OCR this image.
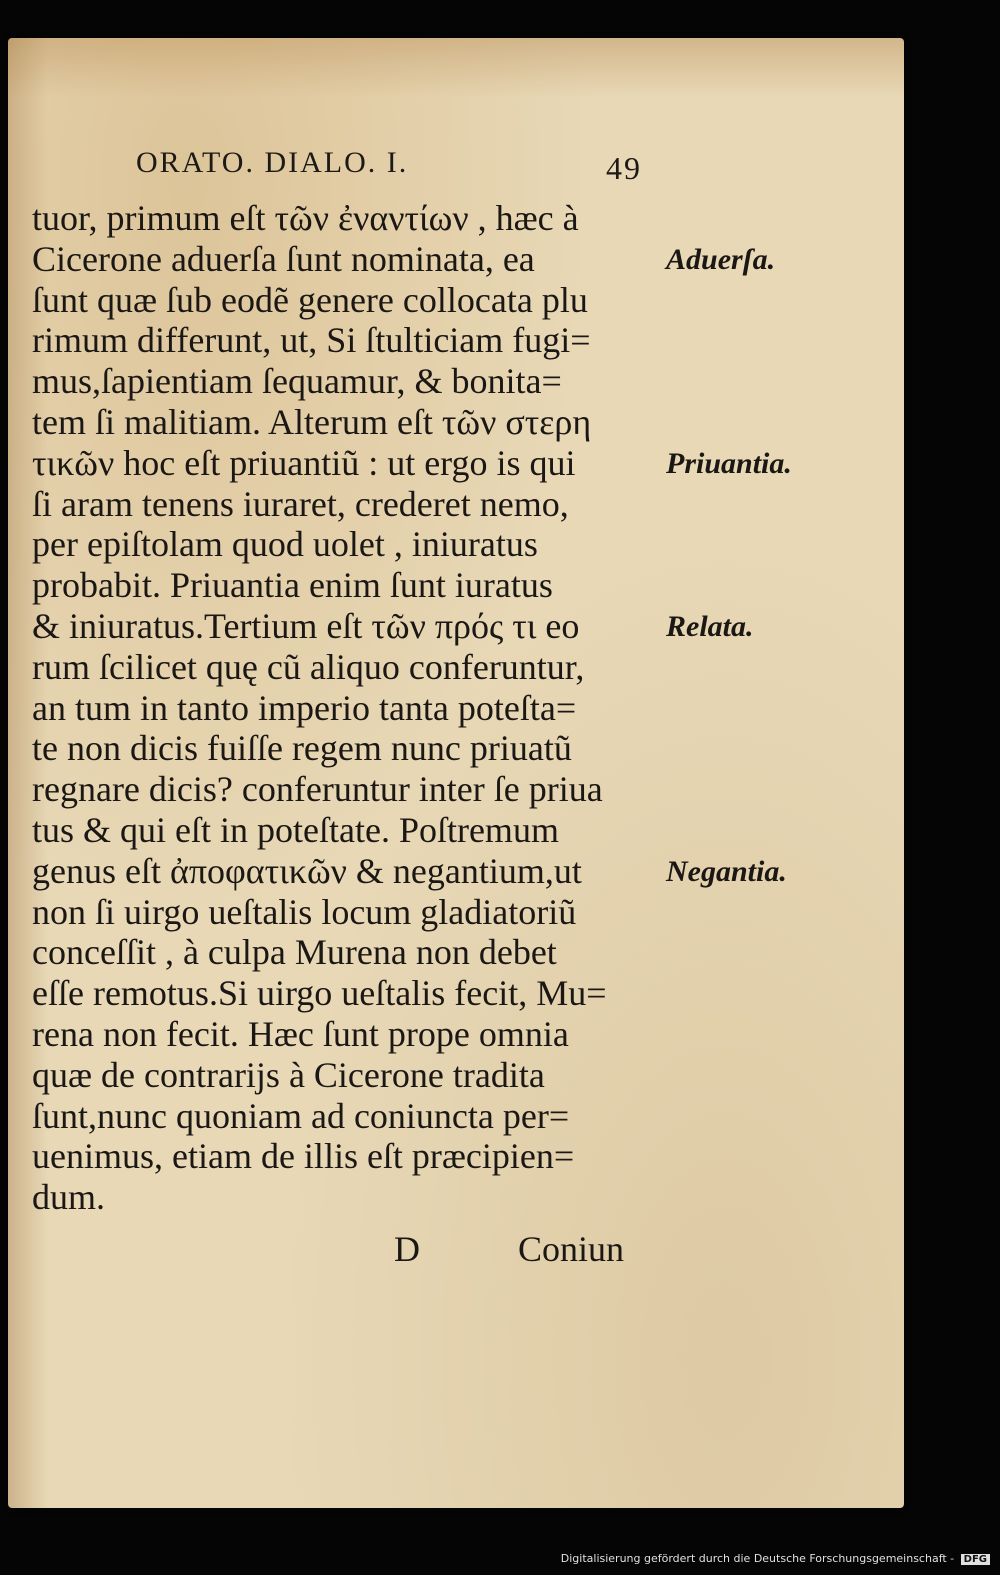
ORATO. DIALO. I.	49
tuor, primum eſt τῶν ἐναντίων , hæc à
Cicerone aduerſa ſunt nominata, ea
ſunt quæ ſub eodẽ genere collocata plu
rimum differunt, ut, Si ſtulticiam fugi=
mus,ſapientiam ſequamur, & bonita=
tem ſi malitiam. Alterum eſt τῶν στερη
τικῶν hoc eſt priuantiũ : ut ergo is qui
ſi aram tenens iuraret, crederet nemo,
per epiſtolam quod uolet , iniuratus
probabit. Priuantia enim ſunt iuratus
& iniuratus.Tertium eſt τῶν πρός τι eo
rum ſcilicet quę cũ aliquo conferuntur,
an tum in tanto imperio tanta poteſta=
te non dicis fuiſſe regem nunc priuatũ
regnare dicis? conferuntur inter ſe priua
tus & qui eſt in poteſtate. Poſtremum
genus eſt ἀποφατικῶν & negantium,ut
non ſi uirgo ueſtalis locum gladiatoriũ
conceſſit , à culpa Murena non debet
eſſe remotus.Si uirgo ueſtalis fecit, Mu=
rena non fecit. Hæc ſunt prope omnia
quæ de contrarijs à Cicerone tradita
ſunt,nunc quoniam ad coniuncta per=
uenimus, etiam de illis eſt præcipien=
dum.
Aduerſa.
Priuantia.
Relata.
Negantia.
D	Coniun
Digitalisierung gefördert durch die Deutsche Forschungsgemeinschaft - DFG
